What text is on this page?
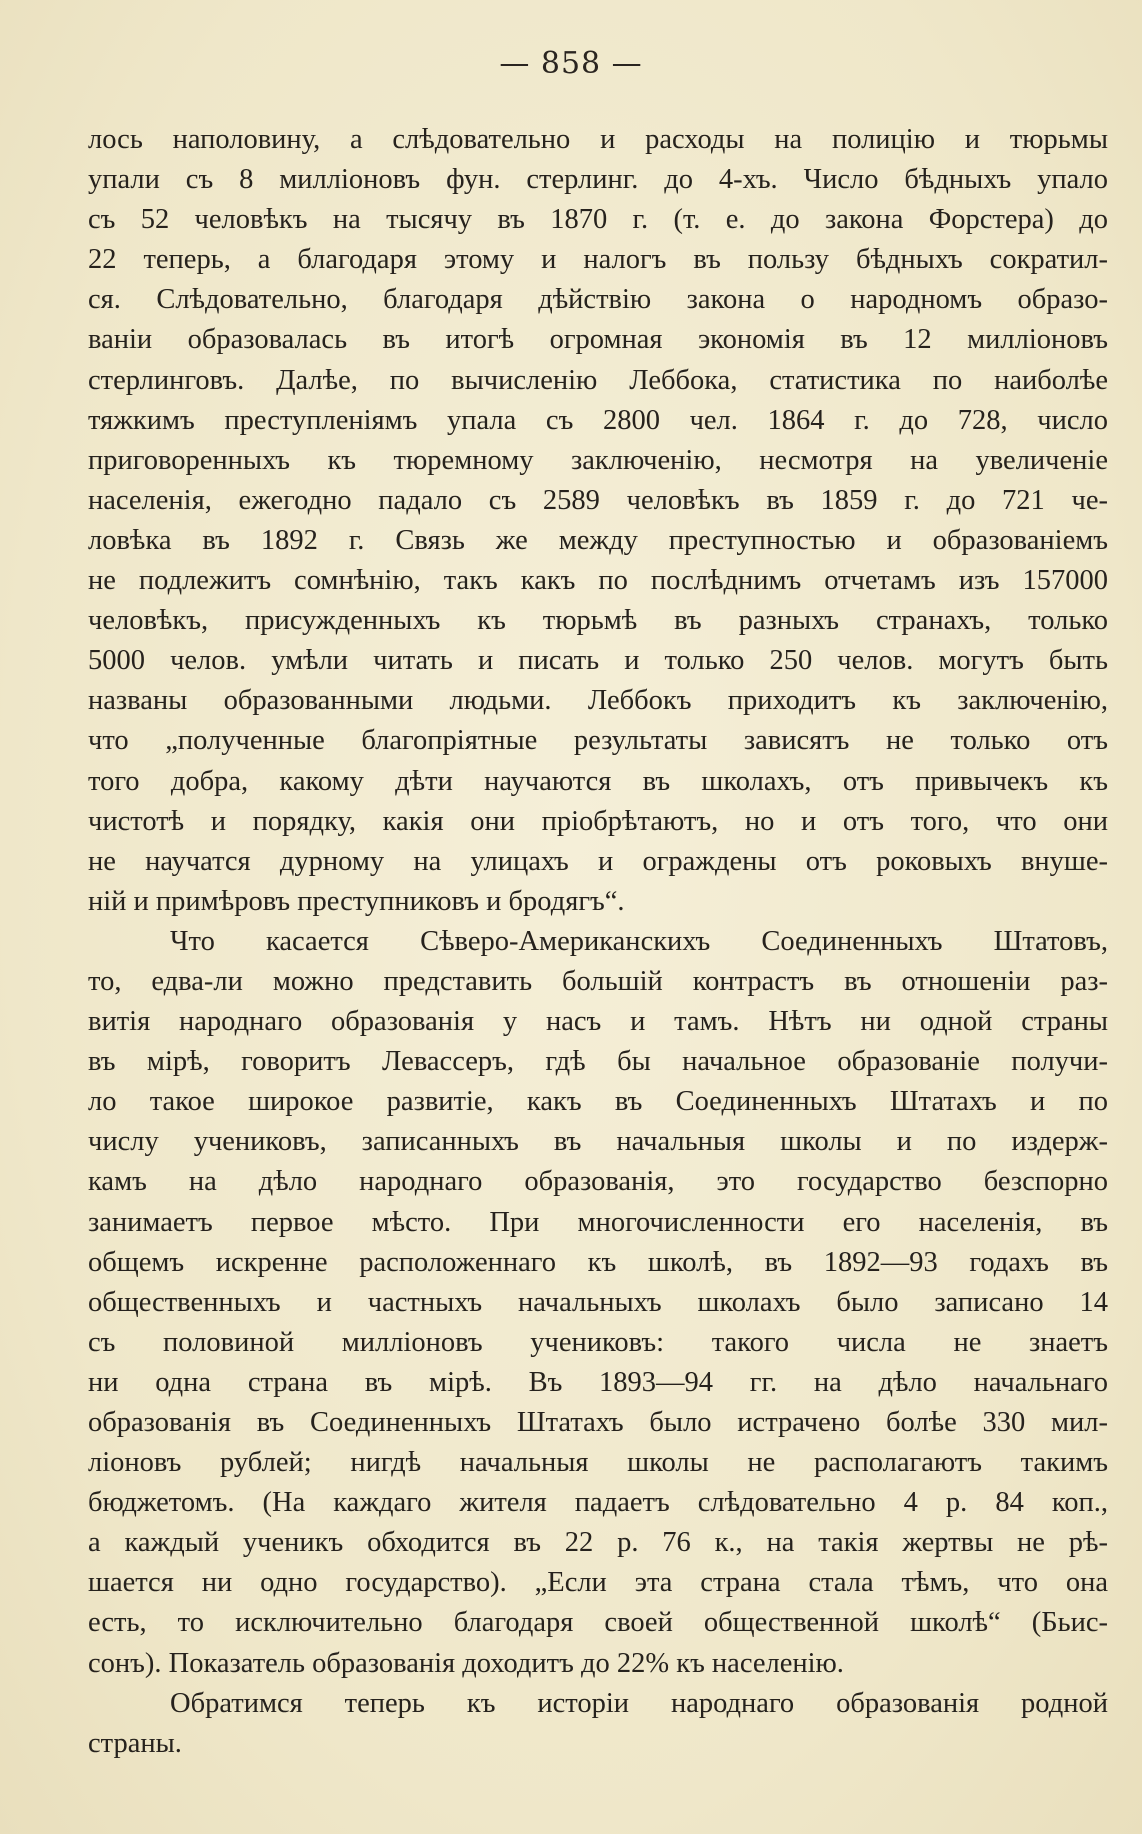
— 858 —
лось наполовину, а слѣдовательно и расходы на полицію и тюрьмы
упали съ 8 милліоновъ фун. стерлинг. до 4-хъ. Число бѣдныхъ упало
съ 52 человѣкъ на тысячу въ 1870 г. (т. е. до закона Форстера) до
22 теперь, а благодаря этому и налогъ въ пользу бѣдныхъ сократил-
ся. Слѣдовательно, благодаря дѣйствію закона о народномъ образо-
ваніи образовалась въ итогѣ огромная экономія въ 12 милліоновъ
стерлинговъ. Далѣе, по вычисленію Леббока, статистика по наиболѣе
тяжкимъ преступленіямъ упала съ 2800 чел. 1864 г. до 728, число
приговоренныхъ къ тюремному заключенію, несмотря на увеличеніе
населенія, ежегодно падало съ 2589 человѣкъ въ 1859 г. до 721 че-
ловѣка въ 1892 г. Связь же между преступностью и образованіемъ
не подлежитъ сомнѣнію, такъ какъ по послѣднимъ отчетамъ изъ 157000
человѣкъ, присужденныхъ къ тюрьмѣ въ разныхъ странахъ, только
5000 челов. умѣли читать и писать и только 250 челов. могутъ быть
названы образованными людьми. Леббокъ приходитъ къ заключенію,
что „полученные благопріятные результаты зависятъ не только отъ
того добра, какому дѣти научаются въ школахъ, отъ привычекъ къ
чистотѣ и порядку, какія они пріобрѣтаютъ, но и отъ того, что они
не научатся дурному на улицахъ и ограждены отъ роковыхъ внуше-
ній и примѣровъ преступниковъ и бродягъ“.
Что касается Сѣверо-Американскихъ Соединенныхъ Штатовъ,
то, едва-ли можно представить большій контрастъ въ отношеніи раз-
витія народнаго образованія у насъ и тамъ. Нѣтъ ни одной страны
въ мірѣ, говоритъ Левассеръ, гдѣ бы начальное образованіе получи-
ло такое широкое развитіе, какъ въ Соединенныхъ Штатахъ и по
числу учениковъ, записанныхъ въ начальныя школы и по издерж-
камъ на дѣло народнаго образованія, это государство безспорно
занимаетъ первое мѣсто. При многочисленности его населенія, въ
общемъ искренне расположеннаго къ школѣ, въ 1892—93 годахъ въ
общественныхъ и частныхъ начальныхъ школахъ было записано 14
съ половиной милліоновъ учениковъ: такого числа не знаетъ
ни одна страна въ мірѣ. Въ 1893—94 гг. на дѣло начальнаго
образованія въ Соединенныхъ Штатахъ было истрачено болѣе 330 мил-
ліоновъ рублей; нигдѣ начальныя школы не располагаютъ такимъ
бюджетомъ. (На каждаго жителя падаетъ слѣдовательно 4 р. 84 коп.,
а каждый ученикъ обходится въ 22 р. 76 к., на такія жертвы не рѣ-
шается ни одно государство). „Если эта страна стала тѣмъ, что она
есть, то исключительно благодаря своей общественной школѣ“ (Бьис-
сонъ). Показатель образованія доходитъ до 22% къ населенію.
Обратимся теперь къ исторіи народнаго образованія родной
страны.
